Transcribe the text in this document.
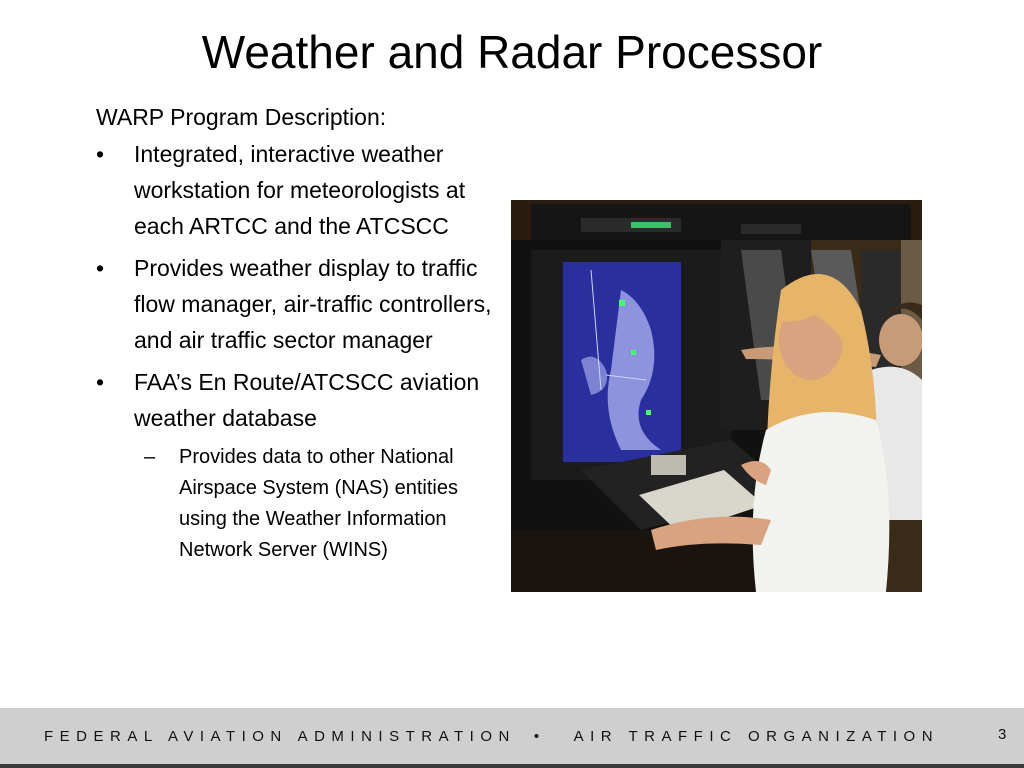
Weather and Radar Processor
WARP Program Description:
•	Integrated, interactive weather workstation for meteorologists at each ARTCC and the ATCSCC
•	Provides weather display to traffic flow manager, air-traffic controllers, and air traffic sector manager
•	FAA’s En Route/ATCSCC aviation weather database
–	Provides data to other National Airspace System (NAS) entities using the Weather Information Network Server (WINS)
FEDERAL AVIATION ADMINISTRATION • AIR TRAFFIC ORGANIZATION	3
